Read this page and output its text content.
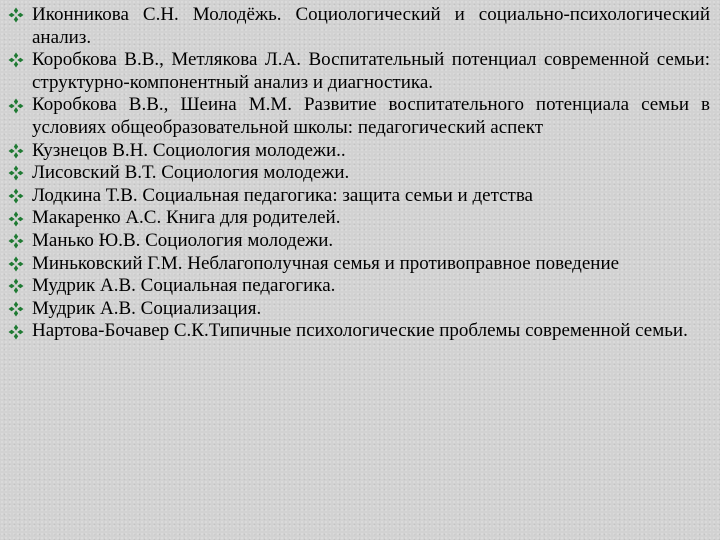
Иконникова С.Н. Молодёжь. Социологический и социально-психологический анализ.
Коробкова В.В., Метлякова Л.А. Воспитательный потенциал современной семьи: структурно-компонентный анализ и диагностика.
Коробкова В.В., Шеина М.М. Развитие воспитательного потенциала семьи в условиях общеобразовательной школы: педагогический аспект
Кузнецов В.Н. Социология молодежи..
Лисовский В.Т. Социология молодежи.
Лодкина Т.В. Социальная педагогика: защита семьи и детства
Макаренко А.С. Книга для родителей.
Манько Ю.В. Социология молодежи.
Миньковский Г.М. Неблагополучная семья и противоправное поведение
Мудрик А.В. Социальная педагогика.
Мудрик А.В. Социализация.
Нартова-Бочавер С.К.Типичные психологические проблемы современной семьи.
